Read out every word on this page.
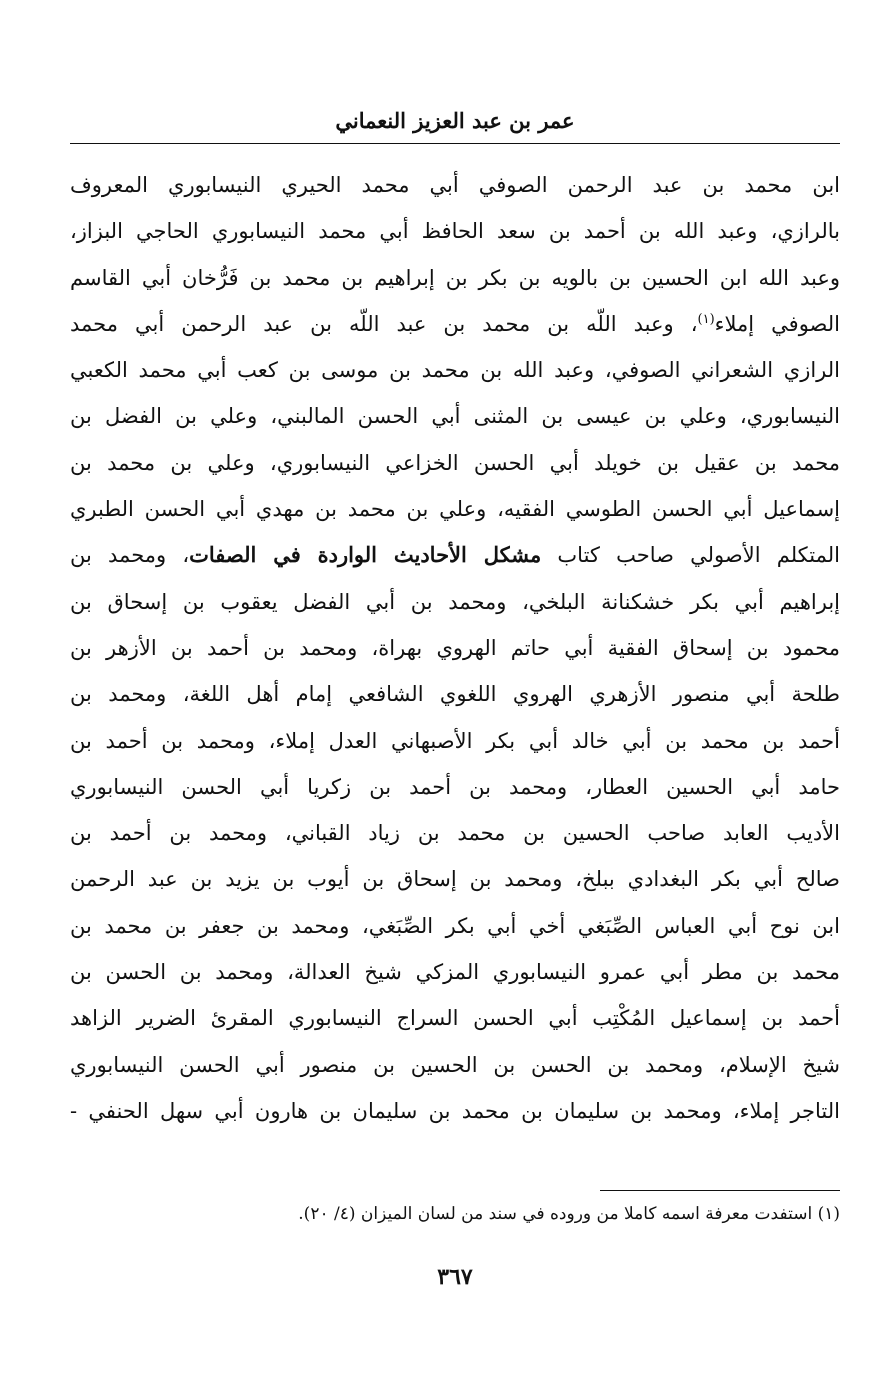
عمر بن عبد العزيز النعماني
ابن محمد بن عبد الرحمن الصوفي أبي محمد الحيري النيسابوري المعروف
بالرازي، وعبد الله بن أحمد بن سعد الحافظ أبي محمد النيسابوري الحاجي البزاز،
وعبد الله ابن الحسين بن بالويه بن بكر بن إبراهيم بن محمد بن فَرُّخان أبي القاسم
الصوفي إملاء$^{(١)}$، وعبد اللّه بن محمد بن عبد اللّه بن عبد الرحمن أبي محمد
الرازي الشعراني الصوفي، وعبد الله بن محمد بن موسى بن كعب أبي محمد الكعبي
النيسابوري، وعلي بن عيسى بن المثنى أبي الحسن المالبني، وعلي بن الفضل بن
محمد بن عقيل بن خويلد أبي الحسن الخزاعي النيسابوري، وعلي بن محمد بن
إسماعيل أبي الحسن الطوسي الفقيه، وعلي بن محمد بن مهدي أبي الحسن الطبري
المتكلم الأصولي صاحب كتاب مشكل الأحاديث الواردة في الصفات، ومحمد بن
إبراهيم أبي بكر خشكنانة البلخي، ومحمد بن أبي الفضل يعقوب بن إسحاق بن
محمود بن إسحاق الفقية أبي حاتم الهروي بهراة، ومحمد بن أحمد بن الأزهر بن
طلحة أبي منصور الأزهري الهروي اللغوي الشافعي إمام أهل اللغة، ومحمد بن
أحمد بن محمد بن أبي خالد أبي بكر الأصبهاني العدل إملاء، ومحمد بن أحمد بن
حامد أبي الحسين العطار، ومحمد بن أحمد بن زكريا أبي الحسن النيسابوري
الأديب العابد صاحب الحسين بن محمد بن زياد القباني، ومحمد بن أحمد بن
صالح أبي بكر البغدادي ببلخ، ومحمد بن إسحاق بن أيوب بن يزيد بن عبد الرحمن
ابن نوح أبي العباس الصِّبَغي أخي أبي بكر الصِّبَغي، ومحمد بن جعفر بن محمد بن
محمد بن مطر أبي عمرو النيسابوري المزكي شيخ العدالة، ومحمد بن الحسن بن
أحمد بن إسماعيل المُكْتِب أبي الحسن السراج النيسابوري المقرئ الضرير الزاهد
شيخ الإسلام، ومحمد بن الحسن بن الحسين بن منصور أبي الحسن النيسابوري
التاجر إملاء، ومحمد بن سليمان بن محمد بن سليمان بن هارون أبي سهل الحنفي -
(١) استفدت معرفة اسمه كاملا من وروده في سند من لسان الميزان (٤/ ٢٠).
٣٦٧
